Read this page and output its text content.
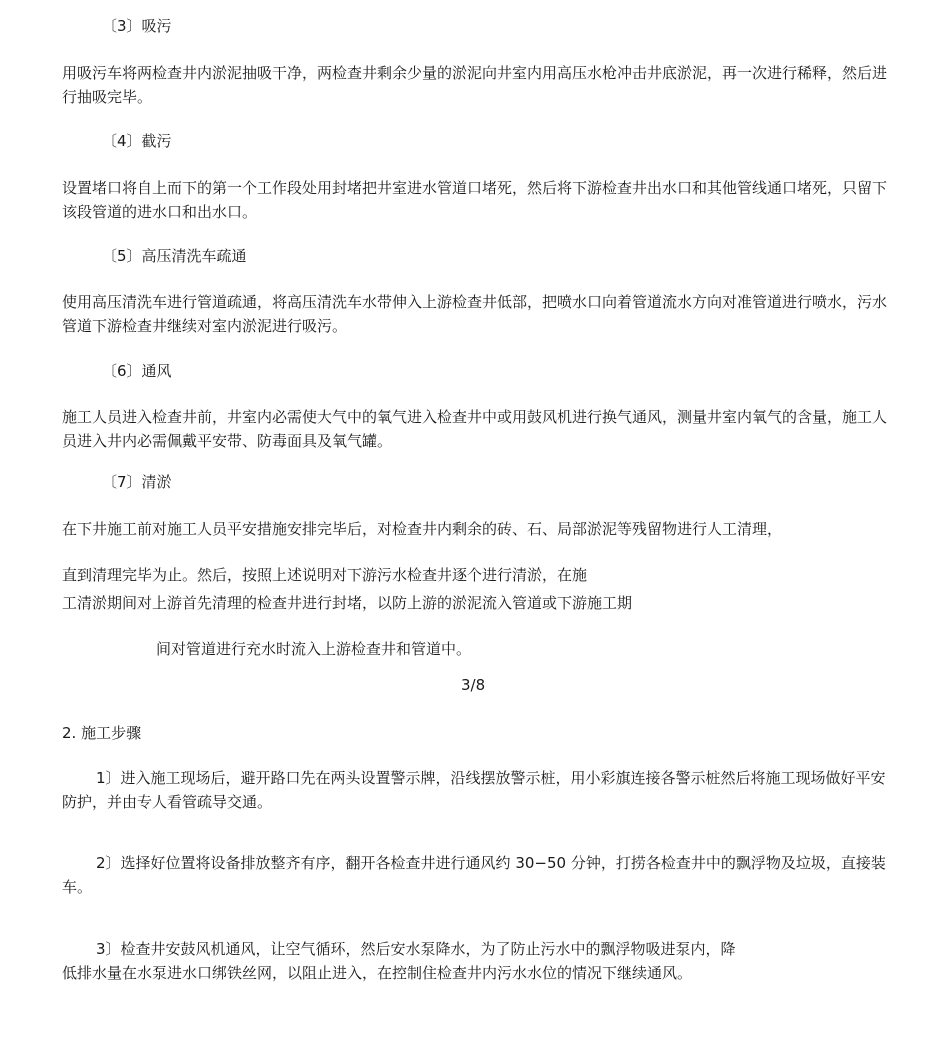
〔3〕吸污

用吸污车将两检查井内淤泥抽吸干净，两检查井剩余少量的淤泥向井室内用高压水枪冲击井底淤泥，再一次进行稀释，然后进行抽吸完毕。

〔4〕截污

设置堵口将自上而下的第一个工作段处用封堵把井室进水管道口堵死，然后将下游检查井出水口和其他管线通口堵死，只留下该段管道的进水口和出水口。

〔5〕高压清洗车疏通

使用高压清洗车进行管道疏通，将高压清洗车水带伸入上游检查井低部，把喷水口向着管道流水方向对准管道进行喷水，污水管道下游检查井继续对室内淤泥进行吸污。

〔6〕通风

施工人员进入检查井前，井室内必需使大气中的氧气进入检查井中或用鼓风机进行换气通风，测量井室内氧气的含量，施工人员进入井内必需佩戴平安带、防毒面具及氧气罐。

〔7〕清淤

在下井施工前对施工人员平安措施安排完毕后，对检查井内剩余的砖、石、局部淤泥等残留物进行人工清理，

直到清理完毕为止。然后，按照上述说明对下游污水检查井逐个进行清淤，在施

工清淤期间对上游首先清理的检查井进行封堵，以防上游的淤泥流入管道或下游施工期

间对管道进行充水时流入上游检查井和管道中。

3/8

2. 施工步骤

1〕进入施工现场后，避开路口先在两头设置警示牌，沿线摆放警示桩，用小彩旗连接各警示桩然后将施工现场做好平安防护，并由专人看管疏导交通。

2〕选择好位置将设备排放整齐有序，翻开各检查井进行通风约 30−50 分钟，打捞各检查井中的飘浮物及垃圾，直接装车。

3〕检查井安鼓风机通风，让空气循环，然后安水泵降水，为了防止污水中的飘浮物吸进泵内，降

低排水量在水泵进水口绑铁丝网，以阻止进入，在控制住检查井内污水水位的情况下继续通风。
